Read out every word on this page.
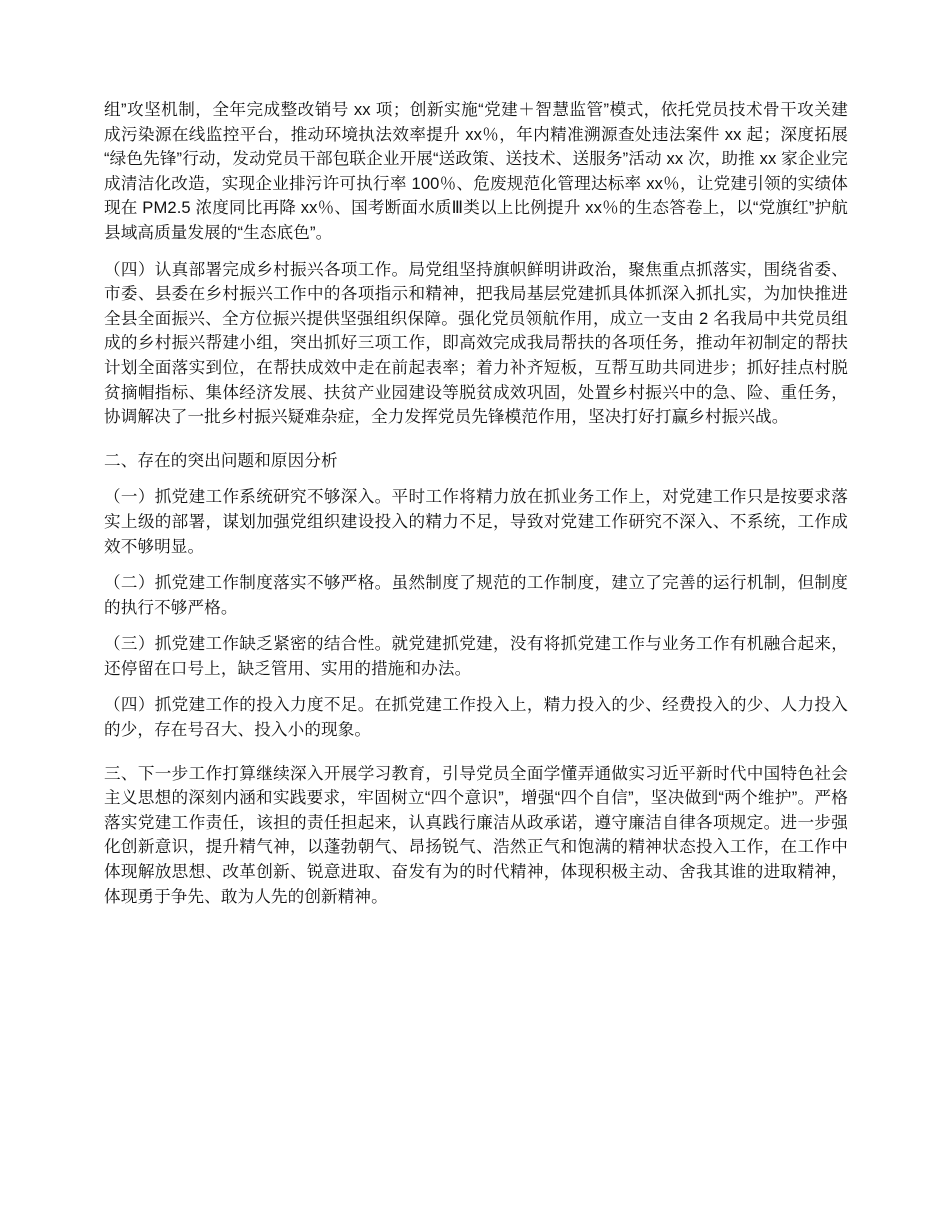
组”攻坚机制，全年完成整改销号 xx 项；创新实施“党建＋智慧监管”模式，依托党员技术骨干攻关建成污染源在线监控平台，推动环境执法效率提升 xx％，年内精准溯源查处违法案件 xx 起；深度拓展“绿色先锋”行动，发动党员干部包联企业开展“送政策、送技术、送服务”活动 xx 次，助推 xx 家企业完成清洁化改造，实现企业排污许可执行率 100％、危废规范化管理达标率 xx％，让党建引领的实绩体现在 PM2.5 浓度同比再降 xx％、国考断面水质Ⅲ类以上比例提升 xx％的生态答卷上，以“党旗红”护航县域高质量发展的“生态底色”。

（四）认真部署完成乡村振兴各项工作。局党组坚持旗帜鲜明讲政治，聚焦重点抓落实，围绕省委、市委、县委在乡村振兴工作中的各项指示和精神，把我局基层党建抓具体抓深入抓扎实，为加快推进全县全面振兴、全方位振兴提供坚强组织保障。强化党员领航作用，成立一支由 2 名我局中共党员组成的乡村振兴帮建小组，突出抓好三项工作，即高效完成我局帮扶的各项任务，推动年初制定的帮扶计划全面落实到位，在帮扶成效中走在前起表率；着力补齐短板，互帮互助共同进步；抓好挂点村脱贫摘帽指标、集体经济发展、扶贫产业园建设等脱贫成效巩固，处置乡村振兴中的急、险、重任务，协调解决了一批乡村振兴疑难杂症，全力发挥党员先锋模范作用，坚决打好打赢乡村振兴战。

二、存在的突出问题和原因分析

（一）抓党建工作系统研究不够深入。平时工作将精力放在抓业务工作上，对党建工作只是按要求落实上级的部署，谋划加强党组织建设投入的精力不足，导致对党建工作研究不深入、不系统，工作成效不够明显。

（二）抓党建工作制度落实不够严格。虽然制度了规范的工作制度，建立了完善的运行机制，但制度的执行不够严格。

（三）抓党建工作缺乏紧密的结合性。就党建抓党建，没有将抓党建工作与业务工作有机融合起来，还停留在口号上，缺乏管用、实用的措施和办法。

（四）抓党建工作的投入力度不足。在抓党建工作投入上，精力投入的少、经费投入的少、人力投入的少，存在号召大、投入小的现象。

三、下一步工作打算继续深入开展学习教育，引导党员全面学懂弄通做实习近平新时代中国特色社会主义思想的深刻内涵和实践要求，牢固树立“四个意识”，增强“四个自信”，坚决做到“两个维护”。严格落实党建工作责任，该担的责任担起来，认真践行廉洁从政承诺，遵守廉洁自律各项规定。进一步强化创新意识，提升精气神，以蓬勃朝气、昂扬锐气、浩然正气和饱满的精神状态投入工作，在工作中体现解放思想、改革创新、锐意进取、奋发有为的时代精神，体现积极主动、舍我其谁的进取精神，体现勇于争先、敢为人先的创新精神。
